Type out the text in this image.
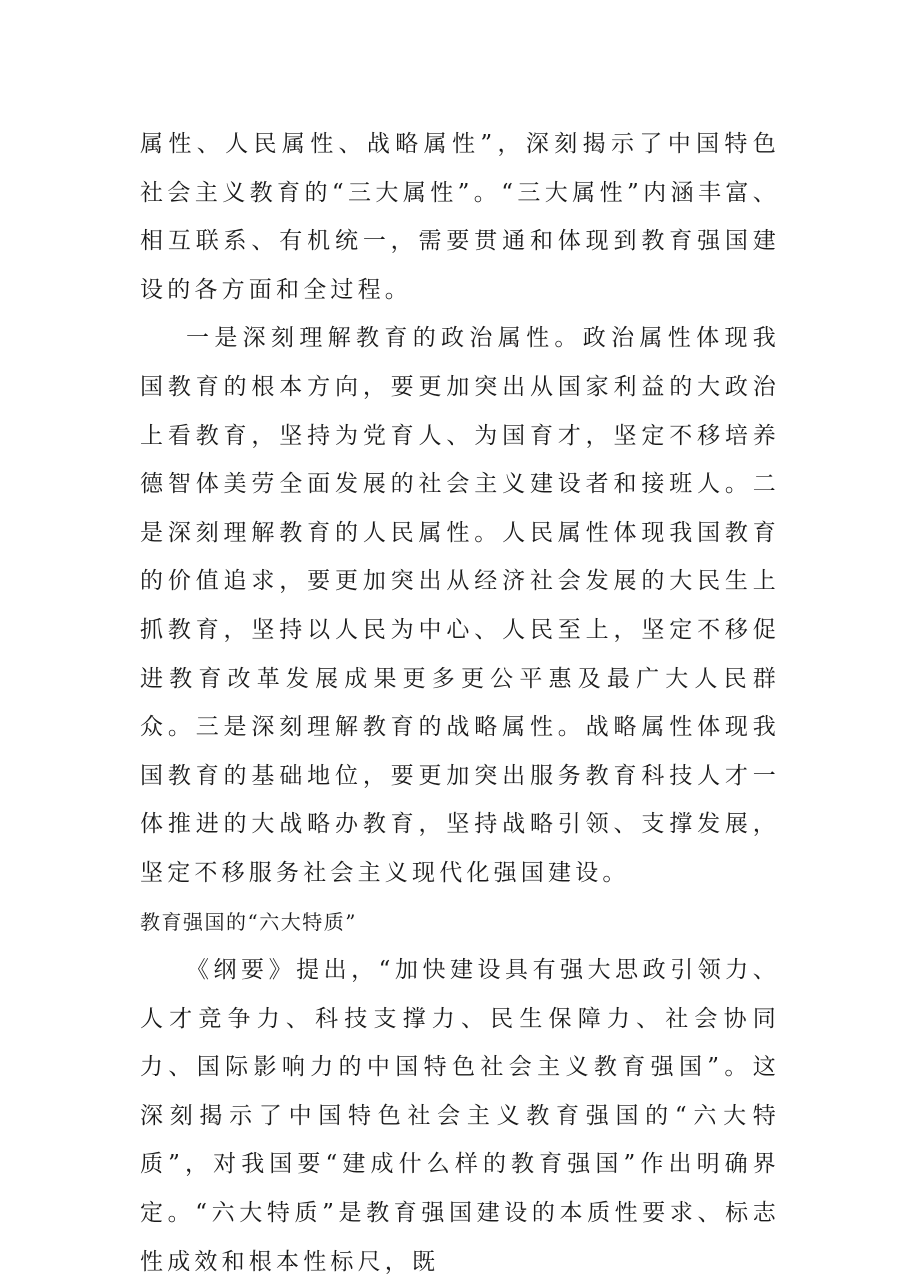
属性、人民属性、战略属性”，深刻揭示了中国特色社会主义教育的“三大属性”。“三大属性”内涵丰富、相互联系、有机统一，需要贯通和体现到教育强国建设的各方面和全过程。

一是深刻理解教育的政治属性。政治属性体现我国教育的根本方向，要更加突出从国家利益的大政治上看教育，坚持为党育人、为国育才，坚定不移培养德智体美劳全面发展的社会主义建设者和接班人。二是深刻理解教育的人民属性。人民属性体现我国教育的价值追求，要更加突出从经济社会发展的大民生上抓教育，坚持以人民为中心、人民至上，坚定不移促进教育改革发展成果更多更公平惠及最广大人民群众。三是深刻理解教育的战略属性。战略属性体现我国教育的基础地位，要更加突出服务教育科技人才一体推进的大战略办教育，坚持战略引领、支撑发展，坚定不移服务社会主义现代化强国建设。

教育强国的“六大特质”

《纲要》提出，“加快建设具有强大思政引领力、人才竞争力、科技支撑力、民生保障力、社会协同力、国际影响力的中国特色社会主义教育强国”。这深刻揭示了中国特色社会主义教育强国的“六大特质”，对我国要“建成什么样的教育强国”作出明确界定。“六大特质”是教育强国建设的本质性要求、标志性成效和根本性标尺，既
